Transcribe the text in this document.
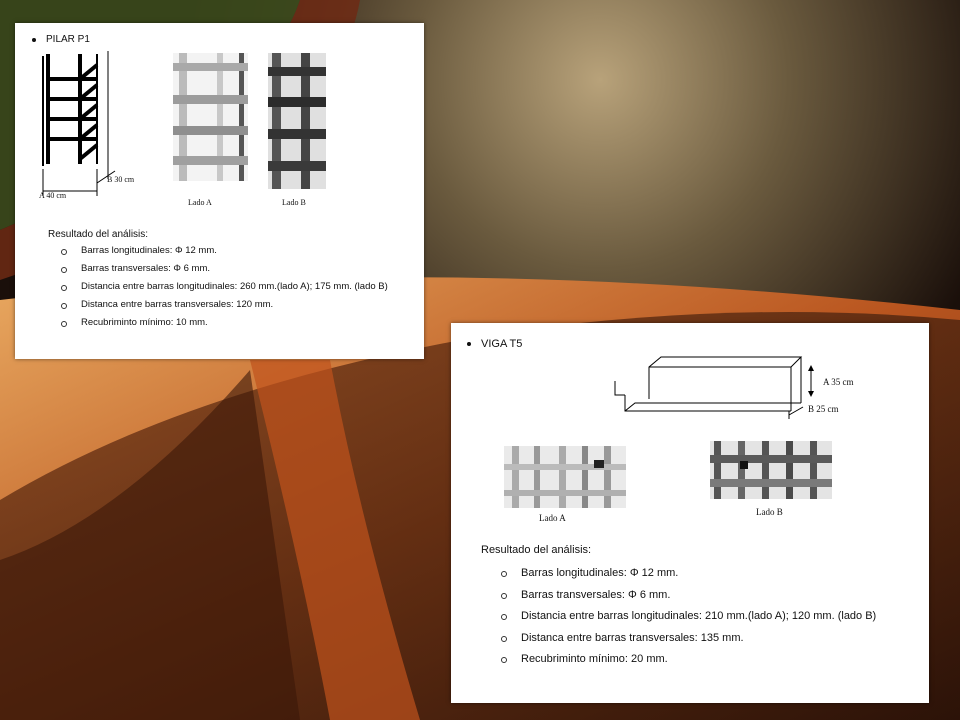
PILAR P1
A 40 cm
B 30 cm
Lado A	Lado B
Resultado del análisis:
Barras longitudinales: Φ 12 mm.
Barras transversales: Φ 6 mm.
Distancia entre barras longitudinales: 260 mm.(lado A); 175 mm. (lado B)
Distanca entre barras transversales: 120 mm.
Recubriminto mínimo: 10 mm.
VIGA T5
A 35 cm
B 25 cm
Lado A
Lado B
Resultado del análisis:
Barras longitudinales: Φ 12 mm.
Barras transversales: Φ 6 mm.
Distancia entre barras longitudinales: 210 mm.(lado A); 120 mm. (lado B)
Distanca entre barras transversales: 135 mm.
Recubriminto mínimo: 20 mm.
